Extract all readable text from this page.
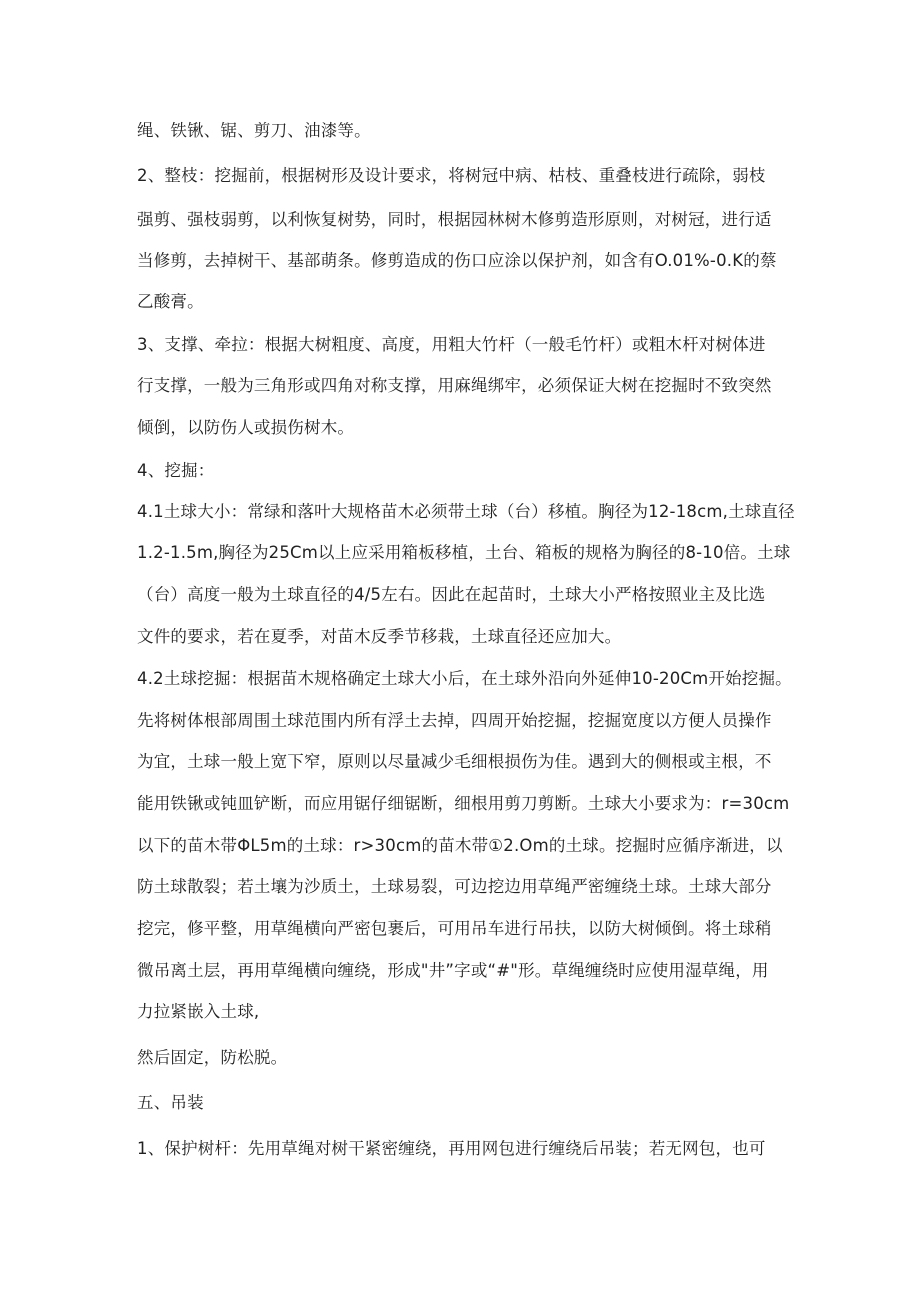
绳、铁锹、锯、剪刀、油漆等。
2、整枝：挖掘前，根据树形及设计要求，将树冠中病、枯枝、重叠枝进行疏除，弱枝
强剪、强枝弱剪，以利恢复树势，同时，根据园林树木修剪造形原则，对树冠，进行适
当修剪，去掉树干、基部萌条。修剪造成的伤口应涂以保护剂，如含有O.01%-0.K的蔡
乙酸膏。
3、支撑、牵拉：根据大树粗度、高度，用粗大竹杆（一般毛竹杆）或粗木杆对树体进
行支撑，一般为三角形或四角对称支撑，用麻绳绑牢，必须保证大树在挖掘时不致突然
倾倒，以防伤人或损伤树木。
4、挖掘：
4.1土球大小：常绿和落叶大规格苗木必须带土球（台）移植。胸径为12-18cm,土球直径
1.2-1.5m,胸径为25Cm以上应采用箱板移植，土台、箱板的规格为胸径的8-10倍。土球
（台）高度一般为土球直径的4/5左右。因此在起苗时，土球大小严格按照业主及比选
文件的要求，若在夏季，对苗木反季节移栽，土球直径还应加大。
4.2土球挖掘：根据苗木规格确定土球大小后，在土球外沿向外延伸10-20Cm开始挖掘。
先将树体根部周围土球范围内所有浮土去掉，四周开始挖掘，挖掘宽度以方便人员操作
为宜，土球一般上宽下窄，原则以尽量减少毛细根损伤为佳。遇到大的侧根或主根，不
能用铁锹或钝皿铲断，而应用锯仔细锯断，细根用剪刀剪断。土球大小要求为：r=30cm
以下的苗木带ΦL5m的土球：r>30cm的苗木带①2.Om的土球。挖掘时应循序渐进，以
防土球散裂；若土壤为沙质土，土球易裂，可边挖边用草绳严密缠绕土球。土球大部分
挖完，修平整，用草绳横向严密包裹后，可用吊车进行吊扶，以防大树倾倒。将土球稍
微吊离土层，再用草绳横向缠绕，形成"井”字或“#"形。草绳缠绕时应使用湿草绳，用
力拉紧嵌入土球,
然后固定，防松脱。
五、吊装
1、保护树杆：先用草绳对树干紧密缠绕，再用网包进行缠绕后吊装；若无网包，也可
